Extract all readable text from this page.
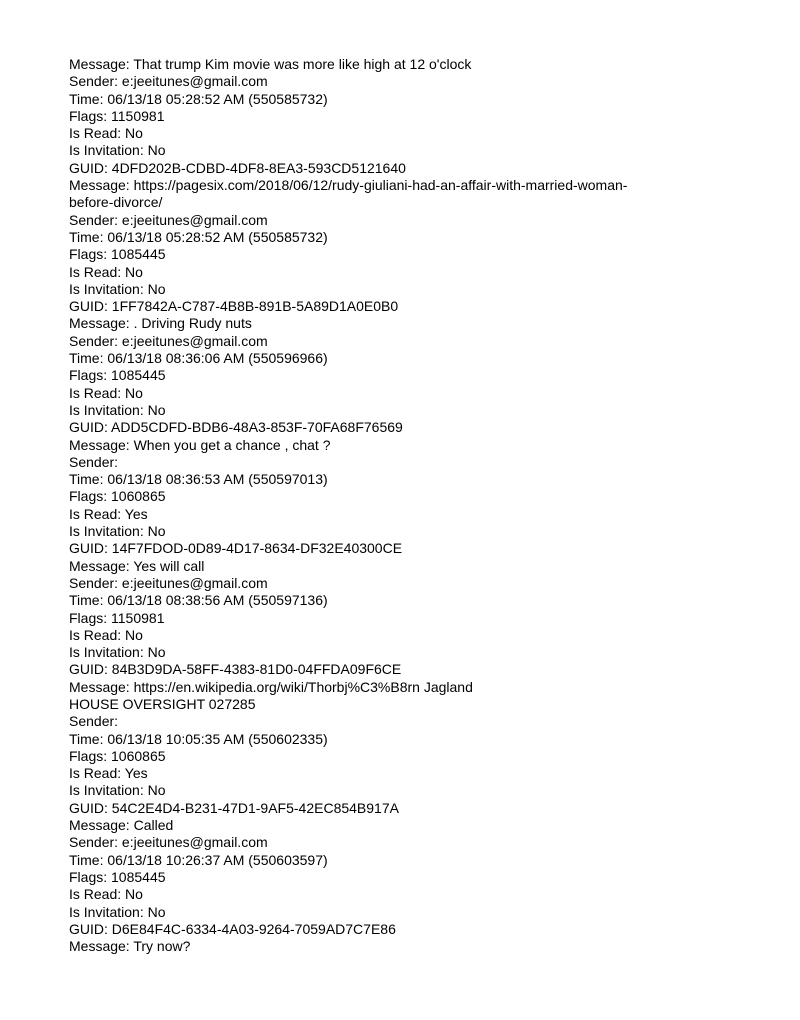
Message: That trump Kim movie was more like high at 12 o'clock
Sender: e:jeeitunes@gmail.com
Time: 06/13/18 05:28:52 AM (550585732)
Flags: 1150981
Is Read: No
Is Invitation: No
GUID: 4DFD202B-CDBD-4DF8-8EA3-593CD5121640
Message: https://pagesix.com/2018/06/12/rudy-giuliani-had-an-affair-with-married-woman-
before-divorce/
Sender: e:jeeitunes@gmail.com
Time: 06/13/18 05:28:52 AM (550585732)
Flags: 1085445
Is Read: No
Is Invitation: No
GUID: 1FF7842A-C787-4B8B-891B-5A89D1A0E0B0
Message: . Driving Rudy nuts
Sender: e:jeeitunes@gmail.com
Time: 06/13/18 08:36:06 AM (550596966)
Flags: 1085445
Is Read: No
Is Invitation: No
GUID: ADD5CDFD-BDB6-48A3-853F-70FA68F76569
Message: When you get a chance , chat ?
Sender:
Time: 06/13/18 08:36:53 AM (550597013)
Flags: 1060865
Is Read: Yes
Is Invitation: No
GUID: 14F7FDOD-0D89-4D17-8634-DF32E40300CE
Message: Yes will call
Sender: e:jeeitunes@gmail.com
Time: 06/13/18 08:38:56 AM (550597136)
Flags: 1150981
Is Read: No
Is Invitation: No
GUID: 84B3D9DA-58FF-4383-81D0-04FFDA09F6CE
Message: https://en.wikipedia.org/wiki/Thorbj%C3%B8rn Jagland
HOUSE OVERSIGHT 027285
Sender:
Time: 06/13/18 10:05:35 AM (550602335)
Flags: 1060865
Is Read: Yes
Is Invitation: No
GUID: 54C2E4D4-B231-47D1-9AF5-42EC854B917A
Message: Called
Sender: e:jeeitunes@gmail.com
Time: 06/13/18 10:26:37 AM (550603597)
Flags: 1085445
Is Read: No
Is Invitation: No
GUID: D6E84F4C-6334-4A03-9264-7059AD7C7E86
Message: Try now?
